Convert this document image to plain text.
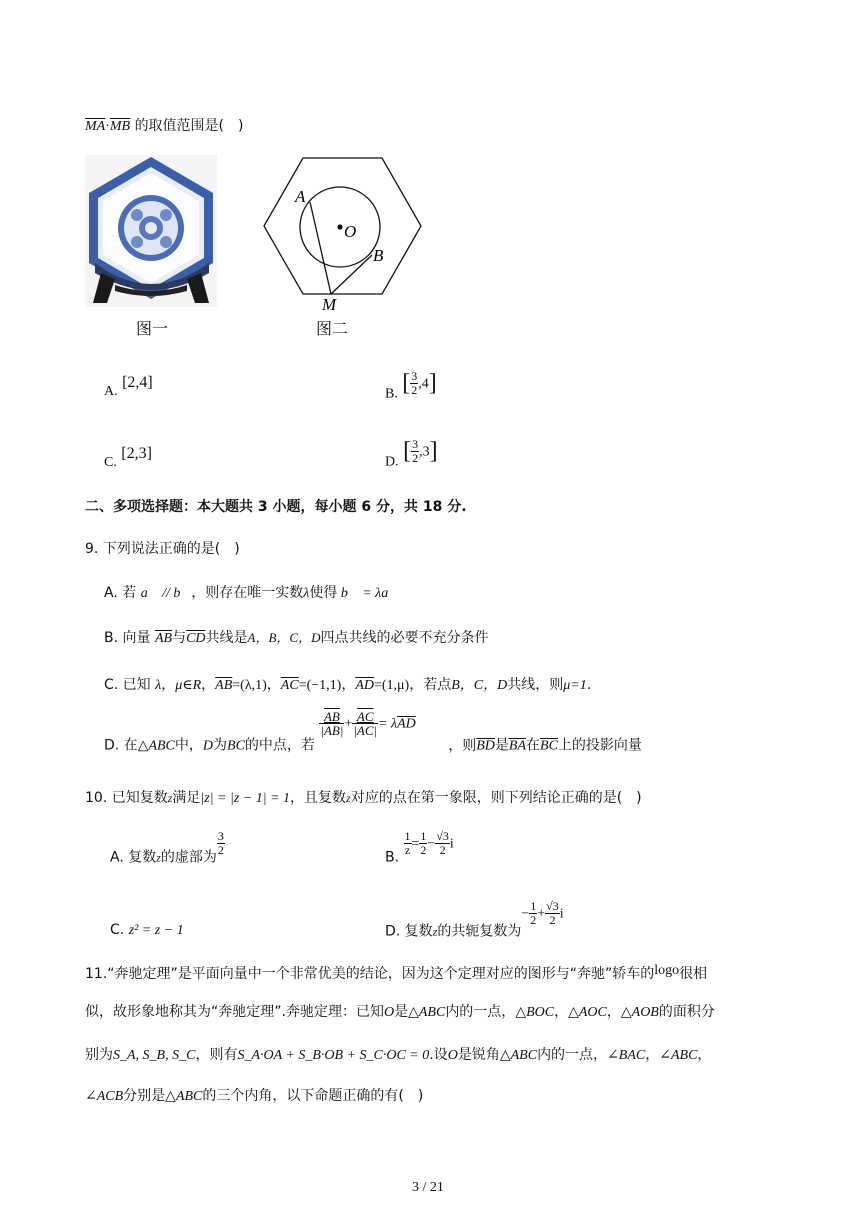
$\overline{MA}\cdot\overline{MB}$ 的取值范围是(　)
图一
A
O
B
M
图二
A. [2,4]
B. [ $\frac{3}{2} ,4$]
C. [2,3]	D. [ $\frac{3}{2} ,3$]
二、多项选择题：本大题共 3 小题，每小题 6 分，共 18 分.
9. 下列说法正确的是(　)
A. 若 a⃗ // b⃗，则存在唯一实数λ使得 b⃗ = λa⃗
B. 向量 $\overline{AB}$与$\overline{CD}$共线是A，B，C，D四点共线的必要不充分条件
C. 已知 λ，μ∈R，$\overline{AB}=(\lambda,1)$，$\overline{AC}=(-1,1)$，$\overline{AD}=(1,\mu)$，若点B，C，D共线，则μ=1.
D. 在△ABC中，D为BC的中点，若
$\frac{\overline{AB}}{|\overline{AB}|} + \frac{\overline{AC}}{|\overline{AC}|} = \lambda\overline{AD}$ ，则$\overline{BD}$是$\overline{BA}$在$\overline{BC}$上的投影向量
10. 已知复数z满足|z| = |z − 1| = 1，且复数z对应的点在第一象限，则下列结论正确的是(　)
A. 复数z的虚部为
$\frac{3}{2}$
B.
$\frac{1}{z} = \frac{1}{2} - \frac{√3}{2}$ i
C. z² = z − 1	D. 复数z的共轭复数为− $\frac{1}{2} + \frac{√3}{2}$ i
11.“奔驰定理”是平面向量中一个非常优美的结论，因为这个定理对应的图形与“奔驰”轿车的logo很相
似，故形象地称其为“奔驰定理”.奔驰定理：已知O是△ABC内的一点，△BOC，△AOC，△AOB的面积分
别为S_A, S_B, S_C，则有S_A·OA + S_B·OB + S_C·OC = 0.设O是锐角△ABC内的一点，∠BAC，∠ABC，
∠ACB分别是△ABC的三个内角，以下命题正确的有(　)
3 / 21
